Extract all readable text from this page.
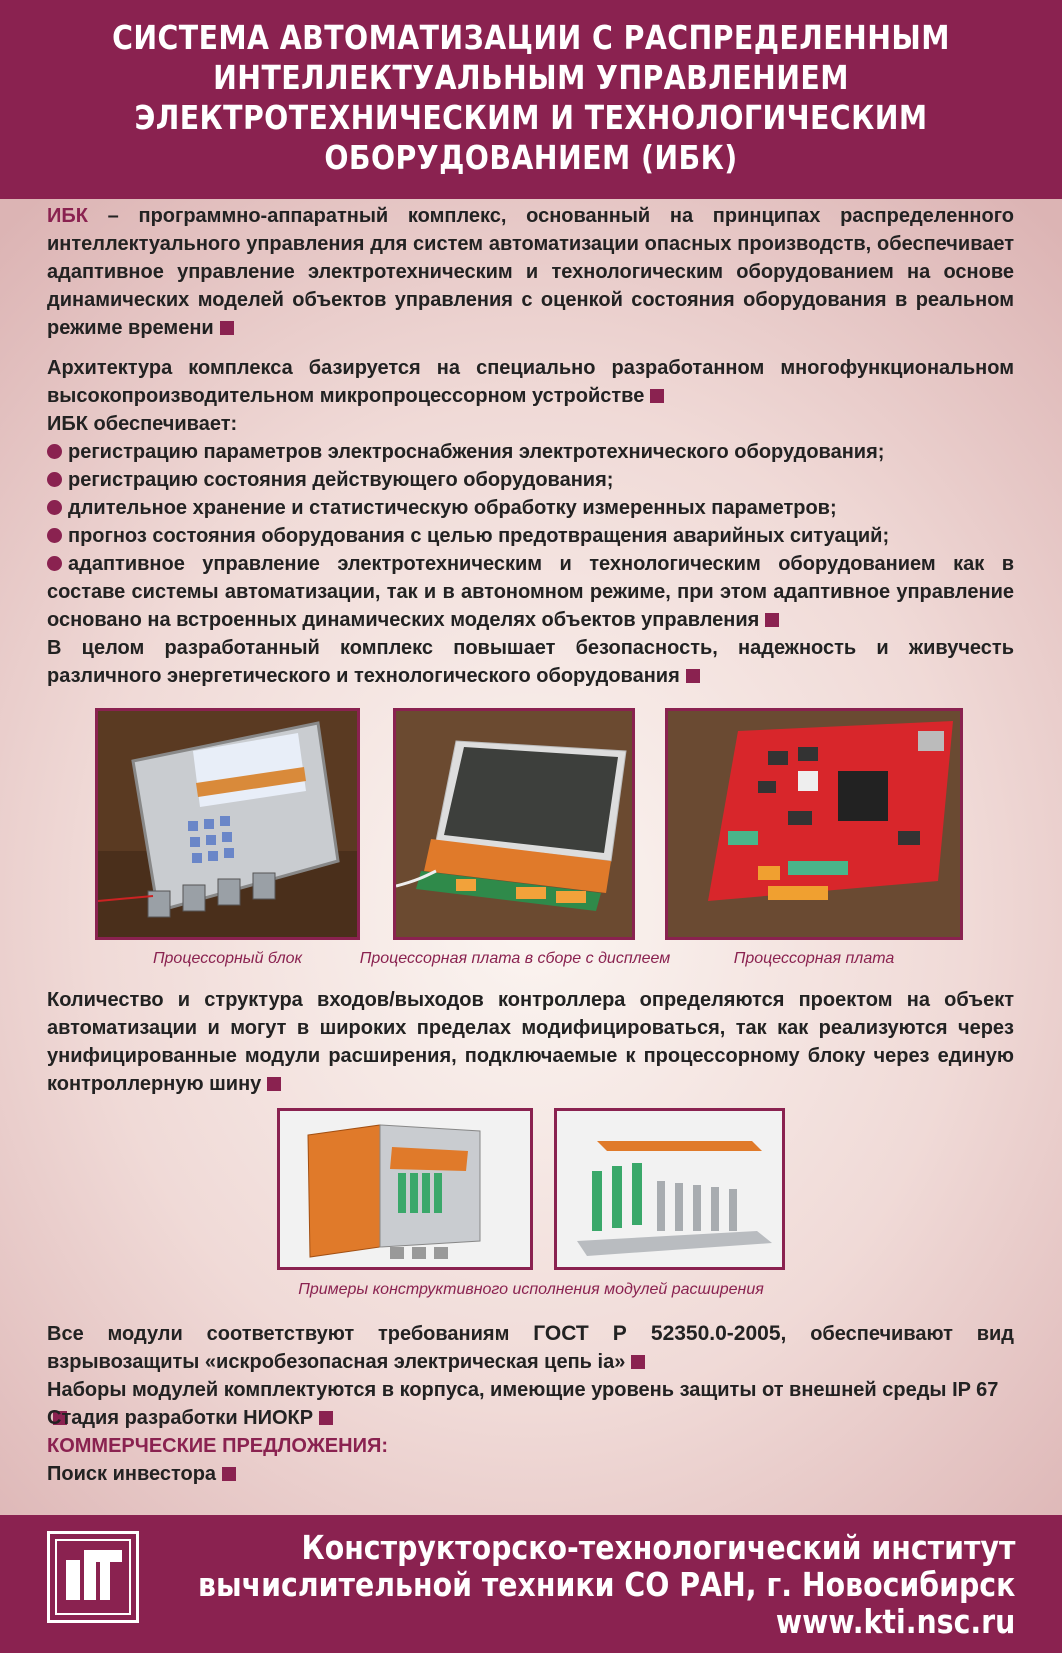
СИСТЕМА АВТОМАТИЗАЦИИ С РАСПРЕДЕЛЕННЫМ
ИНТЕЛЛЕКТУАЛЬНЫМ УПРАВЛЕНИЕМ
ЭЛЕКТРОТЕХНИЧЕСКИМ И ТЕХНОЛОГИЧЕСКИМ
ОБОРУДОВАНИЕМ (ИБК)
ИБК – программно-аппаратный комплекс, основанный на принципах распределенного интеллектуального управления для систем автоматизации опасных производств, обеспечивает адаптивное управление электротехническим и технологическим оборудованием на основе динамических моделей объектов управления с оценкой состояния оборудования в реальном режиме времени
Архитектура комплекса базируется на специально разработанном многофункциональном высокопроизводительном микропроцессорном устройстве
ИБК обеспечивает:
регистрацию параметров электроснабжения электротехнического оборудования;
регистрацию состояния действующего оборудования;
длительное хранение и статистическую обработку измеренных параметров;
прогноз состояния оборудования с целью предотвращения аварийных ситуаций;
адаптивное управление электротехническим и технологическим оборудованием как в составе системы автоматизации, так и в автономном режиме, при этом адаптивное управление основано на встроенных динамических моделях объектов управления
В целом разработанный комплекс повышает безопасность, надежность и живучесть различного энергетического и технологического оборудования
Процессорный блок	Процессорная плата в сборе с дисплеем	Процессорная плата
Количество и структура входов/выходов контроллера определяются проектом на объект автоматизации и могут в широких пределах модифицироваться, так как реализуются через унифицированные модули расширения, подключаемые к процессорному блоку через единую контроллерную шину
Примеры конструктивного исполнения модулей расширения
Все модули соответствуют требованиям ГОСТ Р 52350.0-2005, обеспечивают вид взрывозащиты «искробезопасная электрическая цепь ia»
Наборы модулей комплектуются в корпуса, имеющие уровень защиты от внешней среды IP 67
Стадия разработки НИОКР
КОММЕРЧЕСКИЕ ПРЕДЛОЖЕНИЯ:
Поиск инвестора
Конструкторско-технологический институт
вычислительной техники СО РАН, г. Новосибирск
www.kti.nsc.ru
